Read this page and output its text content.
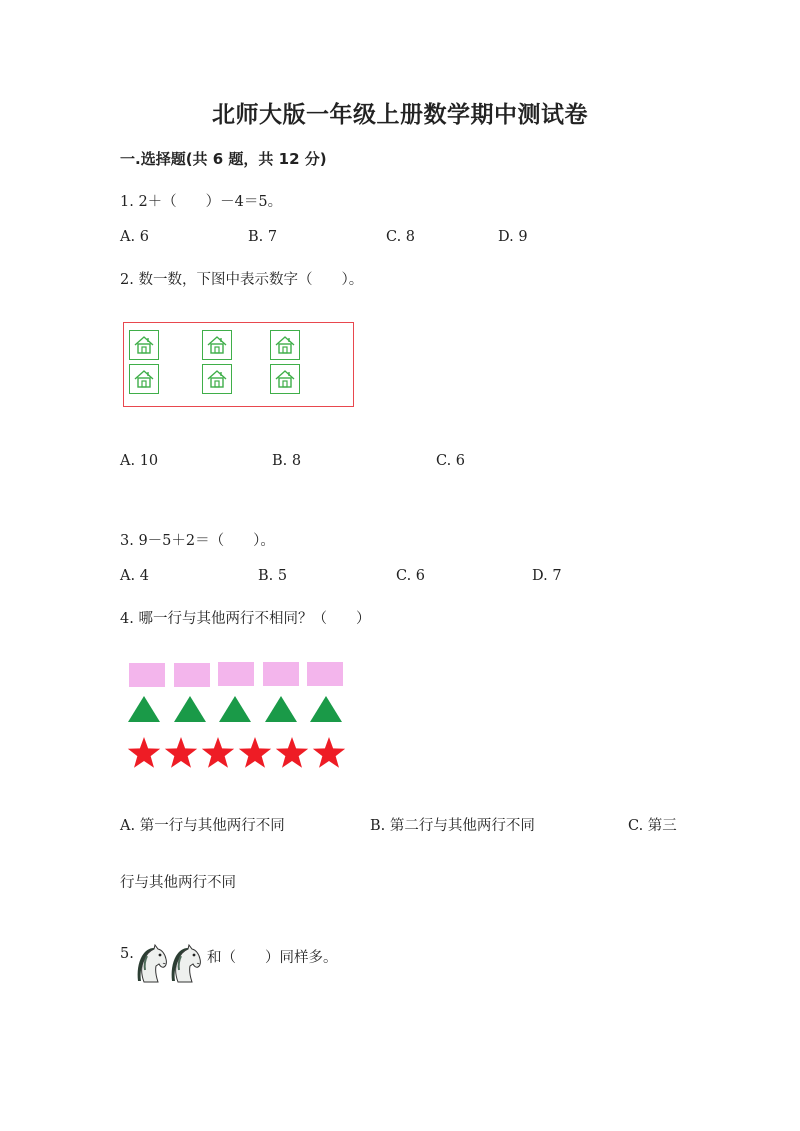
北师大版一年级上册数学期中测试卷
一.选择题(共 6 题，共 12 分)
1. 2＋（　　）－4＝5。
A. 6	B. 7	C. 8	D. 9
2. 数一数，下图中表示数字（　　）。
A. 10	B. 8	C. 6
3. 9－5＋2＝（　　）。
A. 4	B. 5	C. 6	D. 7
4. 哪一行与其他两行不相同？（　　）
A. 第一行与其他两行不同	B. 第二行与其他两行不同	C. 第三
行与其他两行不同
5.	和（　　）同样多。
